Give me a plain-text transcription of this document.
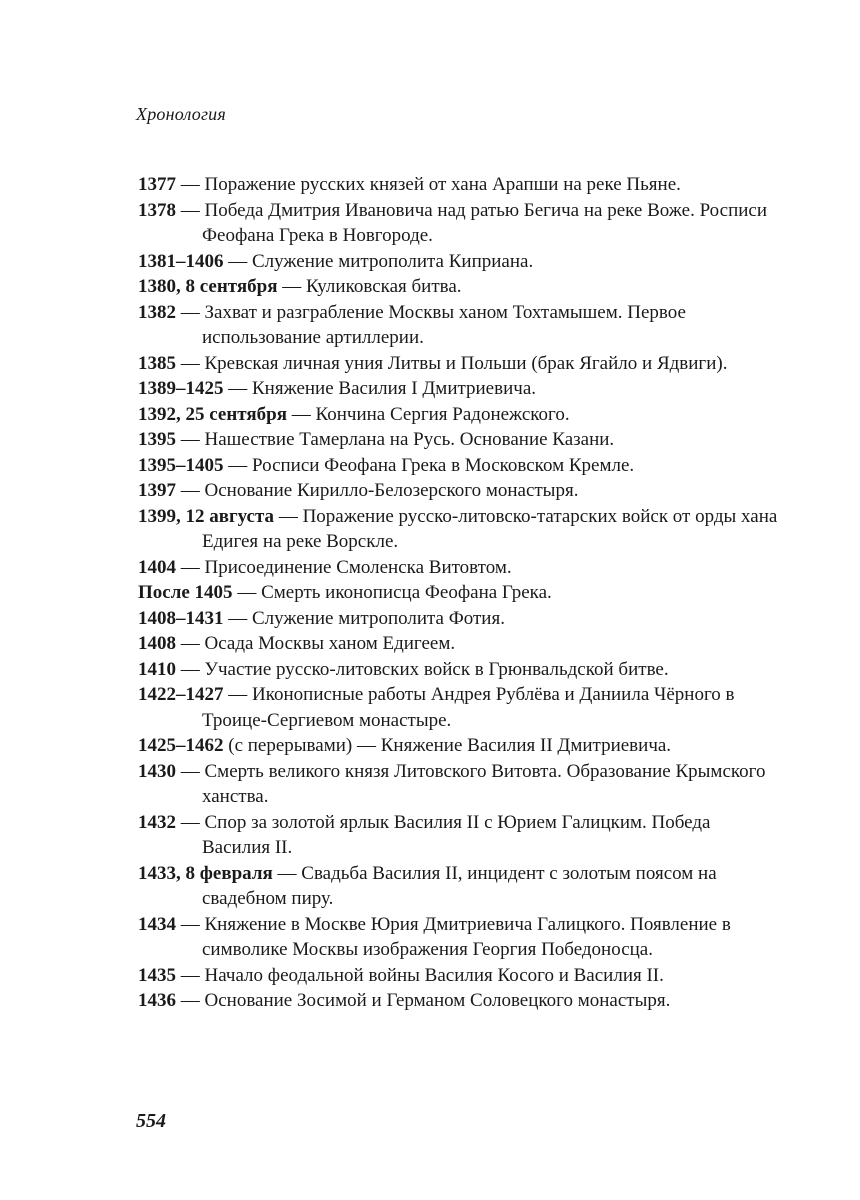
Хронология
1377 — Поражение русских князей от хана Арапши на реке Пьяне.
1378 — Победа Дмитрия Ивановича над ратью Бегича на реке Воже. Росписи Феофана Грека в Новгороде.
1381–1406 — Служение митрополита Киприана.
1380, 8 сентября — Куликовская битва.
1382 — Захват и разграбление Москвы ханом Тохтамышем. Первое использование артиллерии.
1385 — Кревская личная уния Литвы и Польши (брак Ягайло и Ядвиги).
1389–1425 — Княжение Василия I Дмитриевича.
1392, 25 сентября — Кончина Сергия Радонежского.
1395 — Нашествие Тамерлана на Русь. Основание Казани.
1395–1405 — Росписи Феофана Грека в Московском Кремле.
1397 — Основание Кирилло-Белозерского монастыря.
1399, 12 августа — Поражение русско-литовско-татарских войск от орды хана Едигея на реке Ворскле.
1404 — Присоединение Смоленска Витовтом.
После 1405 — Смерть иконописца Феофана Грека.
1408–1431 — Служение митрополита Фотия.
1408 — Осада Москвы ханом Едигеем.
1410 — Участие русско-литовских войск в Грюнвальдской битве.
1422–1427 — Иконописные работы Андрея Рублёва и Даниила Чёрного в Троице-Сергиевом монастыре.
1425–1462 (с перерывами) — Княжение Василия II Дмитриевича.
1430 — Смерть великого князя Литовского Витовта. Образование Крымского ханства.
1432 — Спор за золотой ярлык Василия II с Юрием Галицким. Победа Василия II.
1433, 8 февраля — Свадьба Василия II, инцидент с золотым поясом на свадебном пиру.
1434 — Княжение в Москве Юрия Дмитриевича Галицкого. Появление в символике Москвы изображения Георгия Победоносца.
1435 — Начало феодальной войны Василия Косого и Василия II.
1436 — Основание Зосимой и Германом Соловецкого монастыря.
554
